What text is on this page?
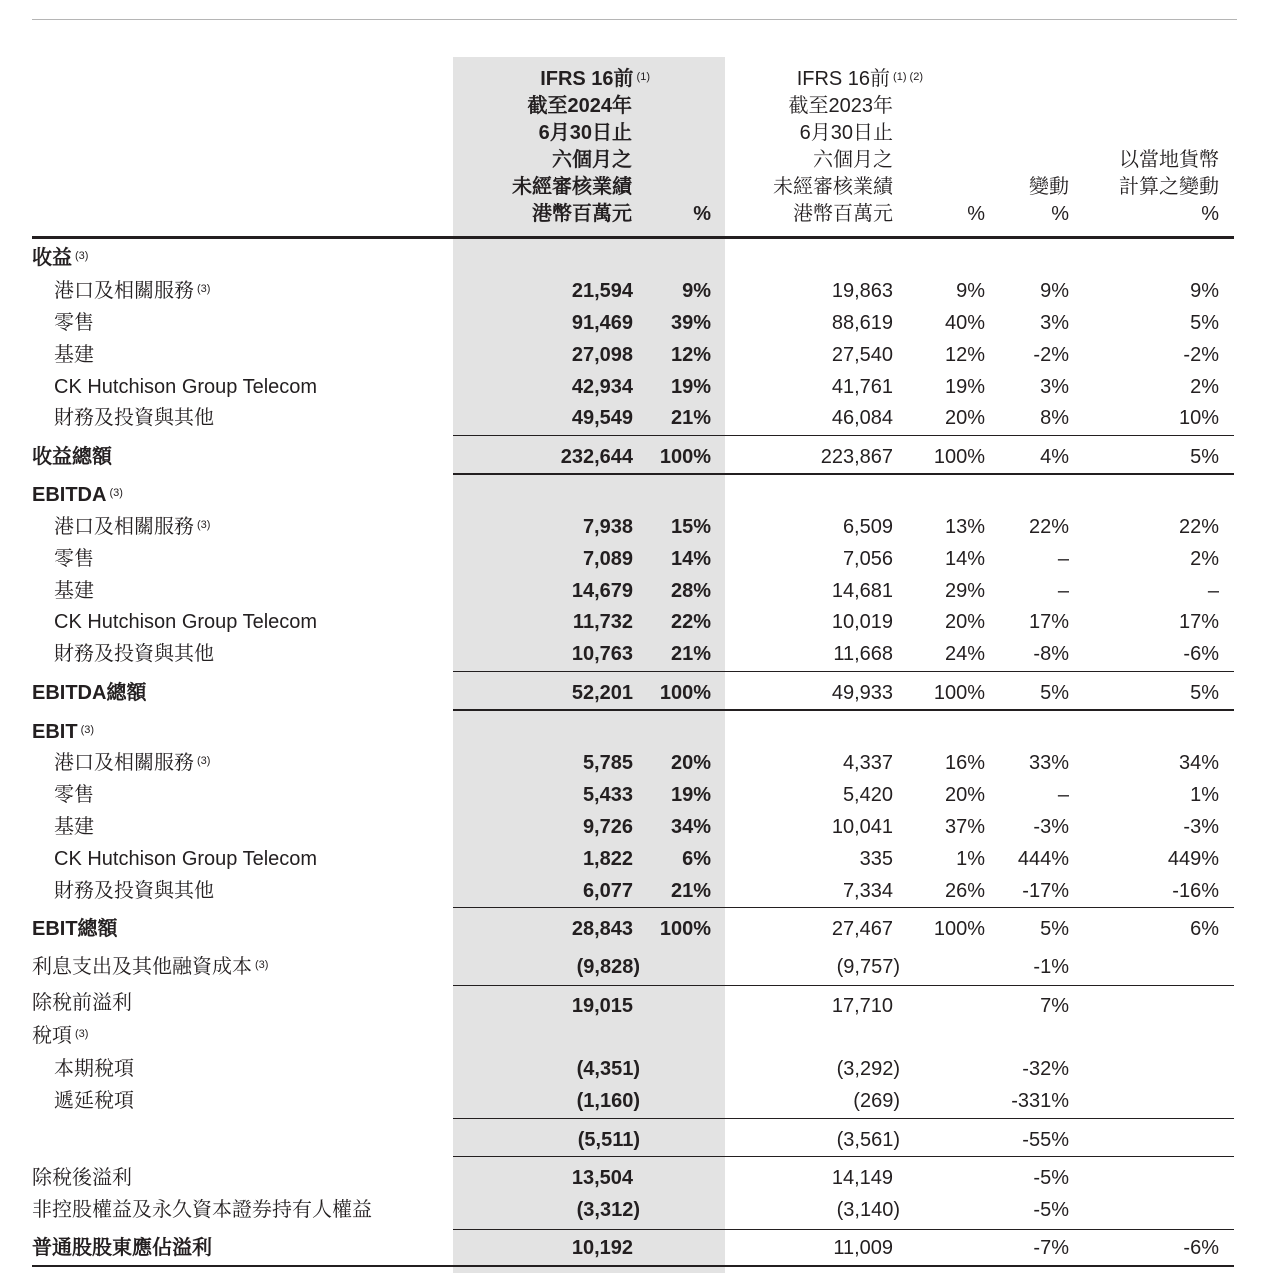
IFRS 16前 $^{(1)}$
截至2024年
6月30日止
六個月之
未經審核業績
港幣百萬元	%
IFRS 16前 $^{(1) (2)}$
截至2023年
6月30日止
六個月之
未經審核業績
港幣百萬元	%
變動
%
以當地貨幣
計算之變動
%
收益 $^{(3)}$
港口及相關服務 $^{(3)}$	21,594 9%	19,863	9%	9%	9%
零售	91,469 39%	88,619	40%	3%	5%
基建	27,098 12%	27,540	12% -2%	-2%
CK Hutchison Group Telecom	42,934 19%	41,761	19%	3%	2%
財務及投資與其他	49,549 21%	46,084	20%	8%	10%
收益總額	232,644 100%	223,867 100%	4%	5%
EBITDA $^{(3)}$
港口及相關服務 $^{(3)}$	7,938 15%	6,509	13% 22%	22%
零售	7,089 14%	7,056	14%	–	2%
基建	14,679 28%	14,681	29%	–	–
CK Hutchison Group Telecom	11,732 22%	10,019	20% 17%	17%
財務及投資與其他	10,763 21%	11,668	24% -8%	-6%
EBITDA總額	52,201 100%	49,933 100%	5%	5%
EBIT $^{(3)}$
港口及相關服務 $^{(3)}$	5,785 20%	4,337	16% 33%	34%
零售	5,433 19%	5,420	20%	–	1%
基建	9,726 34%	10,041	37% -3%	-3%
CK Hutchison Group Telecom	1,822 6%	335	1% 444%	449%
財務及投資與其他	6,077 21%	7,334	26% -17%	-16%
EBIT總額	28,843 100%	27,467 100%	5%	6%
利息支出及其他融資成本 $^{(3)}$	(9,828)	(9,757)	-1%
除稅前溢利	19,015	17,710	7%
稅項 $^{(3)}$
本期稅項	(4,351)	(3,292)	-32%
遞延稅項	(1,160)	(269)	-331%
(5,511)	(3,561)	-55%
除稅後溢利	13,504	14,149	-5%
非控股權益及永久資本證券持有人權益	(3,312)	(3,140)	-5%
普通股股東應佔溢利	10,192	11,009	-7%	-6%
